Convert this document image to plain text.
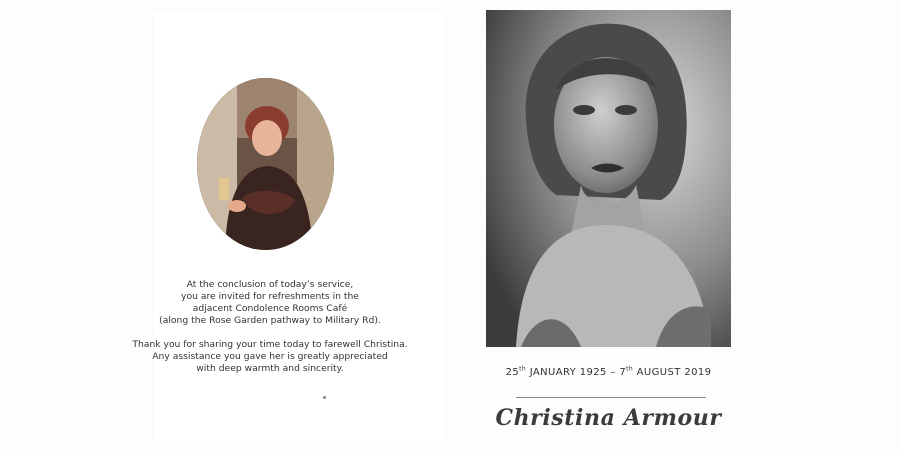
At the conclusion of today’s service,

you are invited for refreshments in the

adjacent Condolence Rooms Café

(along the Rose Garden pathway to Military Rd).

Thank you for sharing your time today to farewell Christina.

Any assistance you gave her is greatly appreciated

with deep warmth and sincerity.	25th JANUARY 1925 – 7th AUGUST 2019
Christina Armour
